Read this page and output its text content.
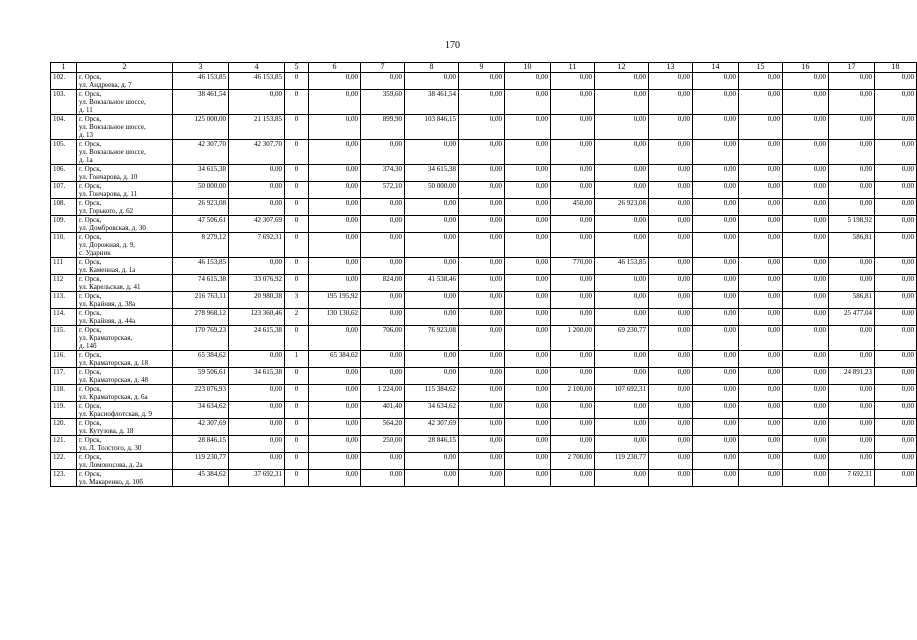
170
1	2	3	4	5	6	7	8	9	10	11	12	13	14	15	16	17	18
102.	г. Орск,
ул. Андреева, д. 7	46 153,85	46 153,85	0	0,00	0,00	0,00	0,00	0,00	0,00	0,00	0,00	0,00	0,00	0,00	0,00	0,00
103.	г. Орск,
ул. Вокзальное шоссе,
д. 11	38 461,54	0,00	0	0,00	359,60	38 461,54	0,00	0,00	0,00	0,00	0,00	0,00	0,00	0,00	0,00	0,00
104.	г. Орск,
ул. Вокзальное шоссе,
д. 13	125 000,00	21 153,85	0	0,00	899,90	103 846,15	0,00	0,00	0,00	0,00	0,00	0,00	0,00	0,00	0,00	0,00
105.	г. Орск,
ул. Вокзальное шоссе,
д. 1а	42 307,70	42 307,70	0	0,00	0,00	0,00	0,00	0,00	0,00	0,00	0,00	0,00	0,00	0,00	0,00	0,00
106.	г. Орск,
ул. Гончарова, д. 10	34 615,38	0,00	0	0,00	374,30	34 615,38	0,00	0,00	0,00	0,00	0,00	0,00	0,00	0,00	0,00	0,00
107.	г. Орск,
ул. Гончарова, д. 11	50 000,00	0,00	0	0,00	572,10	50 000,00	0,00	0,00	0,00	0,00	0,00	0,00	0,00	0,00	0,00	0,00
108.	г. Орск,
ул. Горького, д. 62	26 923,08	0,00	0	0,00	0,00	0,00	0,00	0,00	450,00	26 923,08	0,00	0,00	0,00	0,00	0,00	0,00
109.	г. Орск,
ул. Домбровская, д. 30	47 506,61	42 307,69	0	0,00	0,00	0,00	0,00	0,00	0,00	0,00	0,00	0,00	0,00	0,00	5 198,92	0,00
110.	г. Орск,
ул. Дорожная, д. 9,
с. Ударник	8 279,12	7 692,31	0	0,00	0,00	0,00	0,00	0,00	0,00	0,00	0,00	0,00	0,00	0,00	586,81	0,00
111	г. Орск,
ул. Каменная, д. 1а	46 153,85	0,00	0	0,00	0,00	0,00	0,00	0,00	770,00	46 153,85	0,00	0,00	0,00	0,00	0,00	0,00
112	г. Орск,
ул. Карельская, д. 41	74 615,38	33 076,92	0	0,00	824,00	41 538,46	0,00	0,00	0,00	0,00	0,00	0,00	0,00	0,00	0,00	0,00
113.	г. Орск,
ул. Крайняя, д. 38а	216 763,11	20 980,38	3	195 195,92	0,00	0,00	0,00	0,00	0,00	0,00	0,00	0,00	0,00	0,00	586,81	0,00
114.	г. Орск,
ул. Крайняя, д. 44а	278 968,12	123 360,46	2	130 130,62	0,00	0,00	0,00	0,00	0,00	0,00	0,00	0,00	0,00	0,00	25 477,04	0,00
115.	г. Орск,
ул. Краматорская,
д. 14б	170 769,23	24 615,38	0	0,00	706,00	76 923,08	0,00	0,00	1 200,00	69 230,77	0,00	0,00	0,00	0,00	0,00	0,00
116.	г. Орск,
ул. Краматорская, д. 18	65 384,62	0,00	1	65 384,62	0,00	0,00	0,00	0,00	0,00	0,00	0,00	0,00	0,00	0,00	0,00	0,00
117.	г. Орск,
ул. Краматорская, д. 48	59 506,61	34 615,38	0	0,00	0,00	0,00	0,00	0,00	0,00	0,00	0,00	0,00	0,00	0,00	24 891,23	0,00
118.	г. Орск,
ул. Краматорская, д. 6а	223 076,93	0,00	0	0,00	1 224,00	115 384,62	0,00	0,00	2 100,00	107 692,31	0,00	0,00	0,00	0,00	0,00	0,00
119.	г. Орск,
ул. Краснофлотская, д. 9	34 634,62	0,00	0	0,00	401,40	34 634,62	0,00	0,00	0,00	0,00	0,00	0,00	0,00	0,00	0,00	0,00
120.	г. Орск,
ул. Кутузова, д. 18	42 307,69	0,00	0	0,00	564,20	42 307,69	0,00	0,00	0,00	0,00	0,00	0,00	0,00	0,00	0,00	0,00
121.	г. Орск,
ул. Л. Толстого, д. 30	28 846,15	0,00	0	0,00	250,00	28 846,15	0,00	0,00	0,00	0,00	0,00	0,00	0,00	0,00	0,00	0,00
122.	г. Орск,
ул. Ломоносова, д. 2а	119 230,77	0,00	0	0,00	0,00	0,00	0,00	0,00	2 700,00	119 230,77	0,00	0,00	0,00	0,00	0,00	0,00
123.	г. Орск,
ул. Макаренко, д. 10б	45 384,62	37 692,31	0	0,00	0,00	0,00	0,00	0,00	0,00	0,00	0,00	0,00	0,00	0,00	7 692,31	0,00
